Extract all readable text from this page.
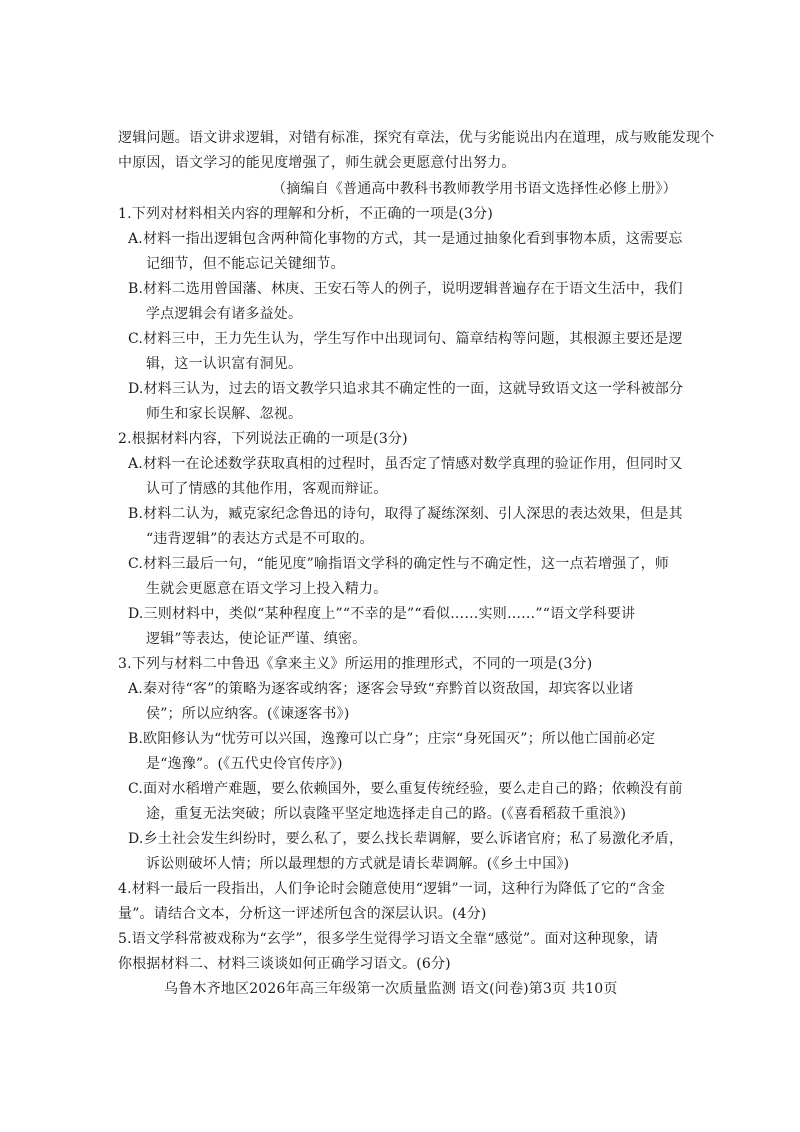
逻辑问题。语文讲求逻辑，对错有标准，探究有章法，优与劣能说出内在道理，成与败能发现个
中原因，语文学习的能见度增强了，师生就会更愿意付出努力。
（摘编自《普通高中教科书教师教学用书语文选择性必修上册》）
1.下列对材料相关内容的理解和分析，不正确的一项是(3分)
A.材料一指出逻辑包含两种简化事物的方式，其一是通过抽象化看到事物本质，这需要忘
记细节，但不能忘记关键细节。
B.材料二选用曾国藩、林庚、王安石等人的例子，说明逻辑普遍存在于语文生活中，我们
学点逻辑会有诸多益处。
C.材料三中，王力先生认为，学生写作中出现词句、篇章结构等问题，其根源主要还是逻
辑，这一认识富有洞见。
D.材料三认为，过去的语文教学只追求其不确定性的一面，这就导致语文这一学科被部分
师生和家长误解、忽视。
2.根据材料内容，下列说法正确的一项是(3分)
A.材料一在论述数学获取真相的过程时，虽否定了情感对数学真理的验证作用，但同时又
认可了情感的其他作用，客观而辩证。
B.材料二认为，臧克家纪念鲁迅的诗句，取得了凝练深刻、引人深思的表达效果，但是其
“违背逻辑”的表达方式是不可取的。
C.材料三最后一句，“能见度”喻指语文学科的确定性与不确定性，这一点若增强了，师
生就会更愿意在语文学习上投入精力。
D.三则材料中，类似“某种程度上”“不幸的是”“看似……实则……”“语文学科要讲
逻辑”等表达，使论证严谨、缜密。
3.下列与材料二中鲁迅《拿来主义》所运用的推理形式，不同的一项是(3分)
A.秦对待“客”的策略为逐客或纳客；逐客会导致“弃黔首以资敌国，却宾客以业诸
侯”；所以应纳客。(《谏逐客书》)
B.欧阳修认为“忧劳可以兴国，逸豫可以亡身”；庄宗“身死国灭”；所以他亡国前必定
是“逸豫”。(《五代史伶官传序》)
C.面对水稻增产难题，要么依赖国外，要么重复传统经验，要么走自己的路；依赖没有前
途，重复无法突破；所以袁隆平坚定地选择走自己的路。(《喜看稻菽千重浪》)
D.乡土社会发生纠纷时，要么私了，要么找长辈调解，要么诉诸官府；私了易激化矛盾，
诉讼则破坏人情；所以最理想的方式就是请长辈调解。(《乡土中国》)
4.材料一最后一段指出，人们争论时会随意使用“逻辑”一词，这种行为降低了它的“含金
量”。请结合文本，分析这一评述所包含的深层认识。(4分)
5.语文学科常被戏称为“玄学”，很多学生觉得学习语文全靠“感觉”。面对这种现象，请
你根据材料二、材料三谈谈如何正确学习语文。(6分)
乌鲁木齐地区2026年高三年级第一次质量监测 语文(问卷)第3页 共10页
